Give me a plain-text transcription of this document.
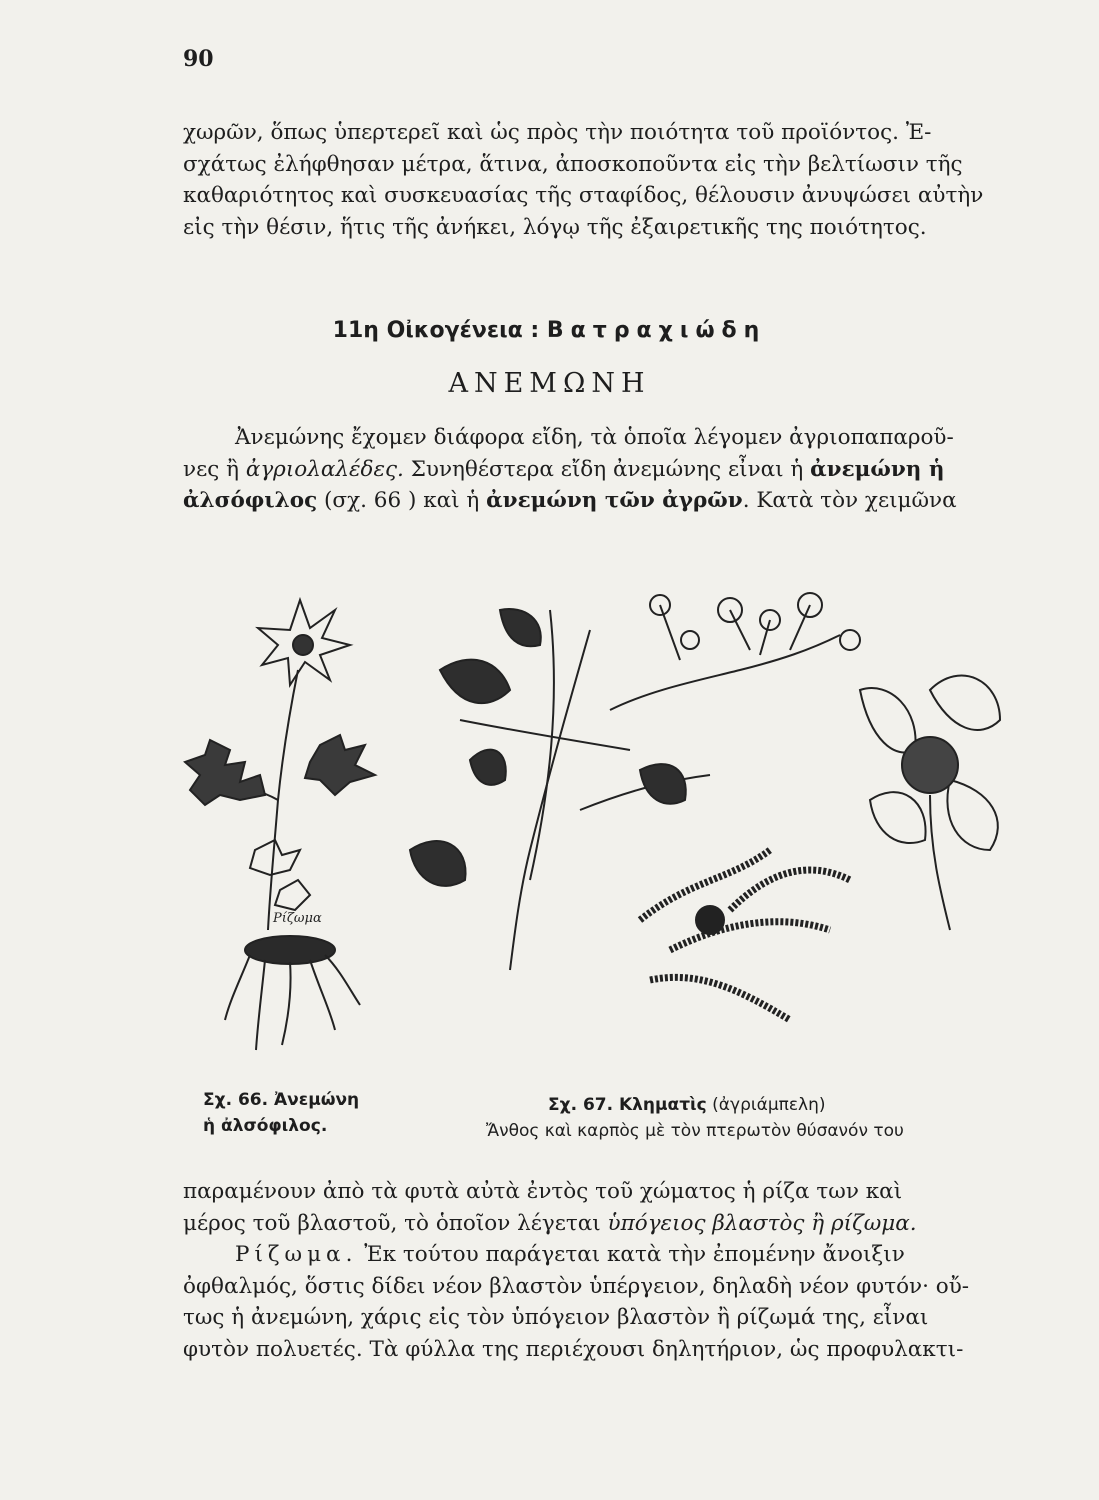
90
χωρῶν, ὅπως ὑπερτερεῖ καὶ ὡς πρὸς τὴν ποιότητα τοῦ προϊόντος. Ἐ-
σχάτως ἐλήφθησαν μέτρα, ἅτινα, ἀποσκοποῦντα εἰς τὴν βελτίωσιν τῆς
καθαριότητος καὶ συσκευασίας τῆς σταφίδος, θέλουσιν ἀνυψώσει αὐτὴν
εἰς τὴν θέσιν, ἥτις τῆς ἀνήκει, λόγῳ τῆς ἐξαιρετικῆς της ποιότητος.
11η Οἰκογένεια : Βατραχιώδη
ΑΝΕΜΩΝΗ
Ἀνεμώνης ἔχομεν διάφορα εἴδη, τὰ ὁποῖα λέγομεν ἀγριοπαπαροῦ-
νες ἢ ἀγριολαλέδες. Συνηθέστερα εἴδη ἀνεμώνης εἶναι ἡ ἀνεμώνη ἡ
ἀλσόφιλος (σχ. 66 ) καὶ ἡ ἀνεμώνη τῶν ἀγρῶν. Κατὰ τὸν χειμῶνα
Ρίζωμα
Σχ. 66. Ἀνεμώνη
ἡ ἀλσόφιλος.
Σχ. 67. Κληματὶς (ἀγριάμπελη)
Ἄνθος καὶ καρπὸς μὲ τὸν πτερωτὸν θύσανόν του
παραμένουν ἀπὸ τὰ φυτὰ αὐτὰ ἐντὸς τοῦ χώματος ἡ ρίζα των καὶ
μέρος τοῦ βλαστοῦ, τὸ ὁποῖον λέγεται ὑπόγειος βλαστὸς ἢ ρίζωμα.
Ρίζωμα. Ἐκ τούτου παράγεται κατὰ τὴν ἐπομένην ἄνοιξιν
ὀφθαλμός, ὅστις δίδει νέον βλαστὸν ὑπέργειον, δηλαδὴ νέον φυτόν· οὔ-
τως ἡ ἀνεμώνη, χάρις εἰς τὸν ὑπόγειον βλαστὸν ἢ ρίζωμά της, εἶναι
φυτὸν πολυετές. Τὰ φύλλα της περιέχουσι δηλητήριον, ὡς προφυλακτι-
